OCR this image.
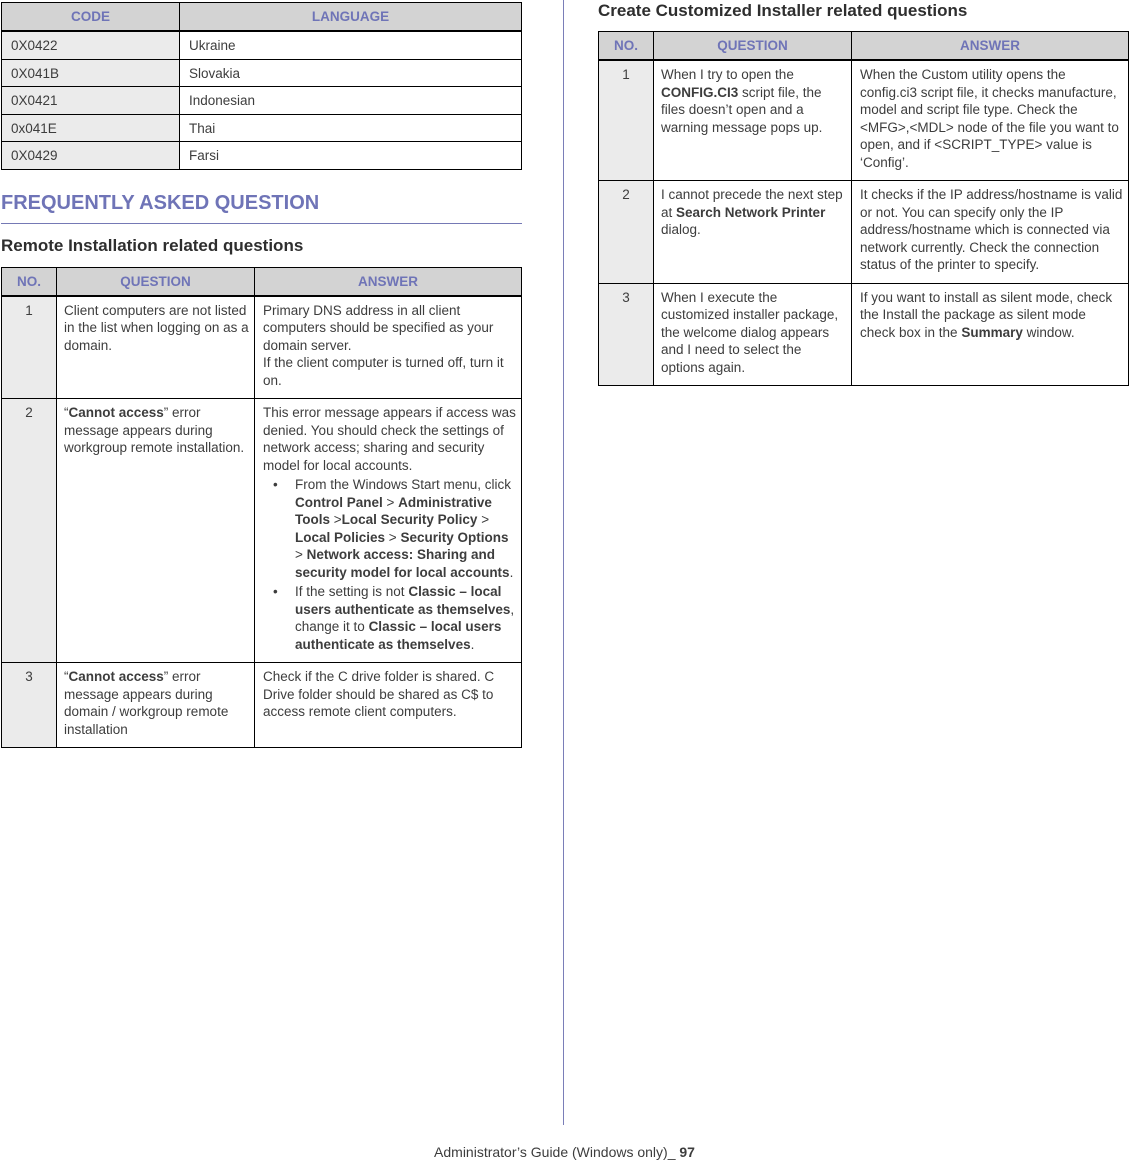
CODE	LANGUAGE
0X0422	Ukraine
0X041B	Slovakia
0X0421	Indonesian
0x041E	Thai
0X0429	Farsi
FREQUENTLY ASKED QUESTION
Remote Installation related questions
NO.	QUESTION	ANSWER
1	Client computers are not listed in the list when logging on as a domain.	Primary DNS address in all client computers should be specified as your domain server.
If the client computer is turned off, turn it on.

2	“Cannot access” error message appears during workgroup remote installation.	This error message appears if access was denied. You should check the settings of network access; sharing and security model for local accounts.
• From the Windows Start menu, click Control Panel > Administrative Tools >Local Security Policy > Local Policies > Security Options > Network access: Sharing and security model for local accounts.
• If the setting is not Classic – local users authenticate as themselves, change it to Classic – local users authenticate as themselves.

3	“Cannot access” error message appears during domain / workgroup remote installation	Check if the C drive folder is shared. C Drive folder should be shared as C$ to access remote client computers.
Create Customized Installer related questions
NO.	QUESTION	ANSWER
1	When I try to open the CONFIG.CI3 script file, the files doesn’t open and a warning message pops up.	When the Custom utility opens the config.ci3 script file, it checks manufacture, model and script file type. Check the <MFG>,<MDL> node of the file you want to open, and if <SCRIPT_TYPE> value is ‘Config’.

2	I cannot precede the next step at Search Network Printer dialog.	It checks if the IP address/hostname is valid or not. You can specify only the IP address/hostname which is connected via network currently. Check the connection status of the printer to specify.

3	When I execute the customized installer package, the welcome dialog appears and I need to select the options again.	If you want to install as silent mode, check the Install the package as silent mode check box in the Summary window.
Administrator’s Guide (Windows only)_ 97
